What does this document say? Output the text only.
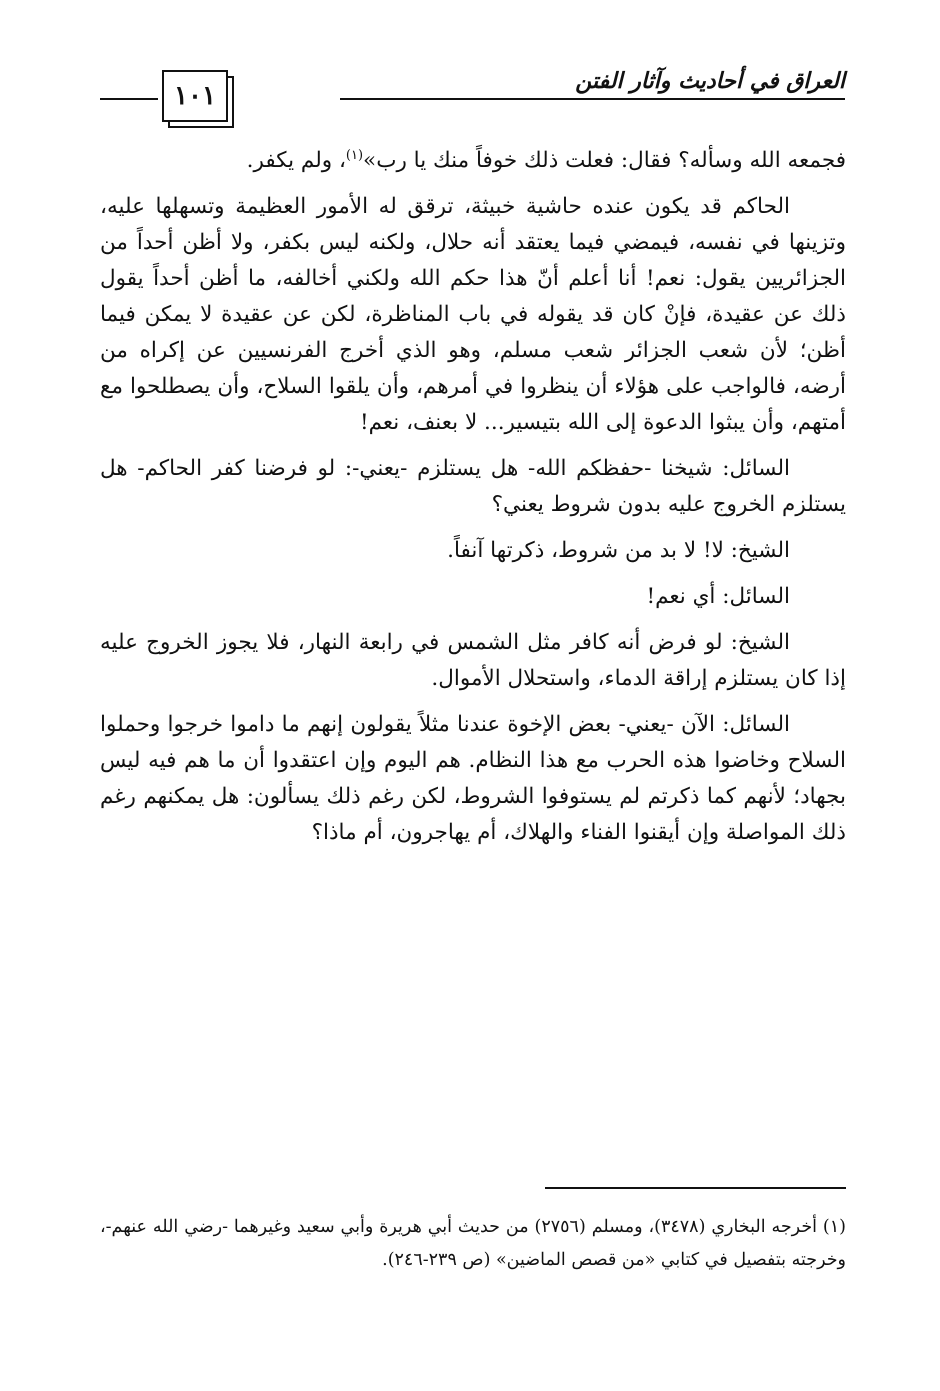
١٠١	العراق في أحاديث وآثار الفتن

فجمعه الله وسأله؟ فقال: فعلت ذلك خوفاً منك يا رب»$^{(١)}$، ولم يكفر.

الحاكم قد يكون عنده حاشية خبيثة، ترقق له الأمور العظيمة وتسهلها عليه، وتزينها في نفسه، فيمضي فيما يعتقد أنه حلال، ولكنه ليس بكفر، ولا أظن أحداً من الجزائريين يقول: نعم! أنا أعلم أنّ هذا حكم الله ولكني أخالفه، ما أظن أحداً يقول ذلك عن عقيدة، فإنْ كان قد يقوله في باب المناظرة، لكن عن عقيدة لا يمكن فيما أظن؛ لأن شعب الجزائر شعب مسلم، وهو الذي أخرج الفرنسيين عن إكراه من أرضه، فالواجب على هؤلاء أن ينظروا في أمرهم، وأن يلقوا السلاح، وأن يصطلحوا مع أمتهم، وأن يبثوا الدعوة إلى الله بتيسير... لا بعنف، نعم!

السائل: شيخنا -حفظكم الله- هل يستلزم -يعني-: لو فرضنا كفر الحاكم- هل يستلزم الخروج عليه بدون شروط يعني؟

الشيخ: لا! لا بد من شروط، ذكرتها آنفاً.

السائل: أي نعم!

الشيخ: لو فرض أنه كافر مثل الشمس في رابعة النهار، فلا يجوز الخروج عليه إذا كان يستلزم إراقة الدماء، واستحلال الأموال.

السائل: الآن -يعني- بعض الإخوة عندنا مثلاً يقولون إنهم ما داموا خرجوا وحملوا السلاح وخاضوا هذه الحرب مع هذا النظام. هم اليوم وإن اعتقدوا أن ما هم فيه ليس بجهاد؛ لأنهم كما ذكرتم لم يستوفوا الشروط، لكن رغم ذلك يسألون: هل يمكنهم رغم ذلك المواصلة وإن أيقنوا الفناء والهلاك، أم يهاجرون، أم ماذا؟

(١) أخرجه البخاري (٣٤٧٨)، ومسلم (٢٧٥٦) من حديث أبي هريرة وأبي سعيد وغيرهما -رضي الله عنهم-، وخرجته بتفصيل في كتابي «من قصص الماضين» (ص ٢٣٩-٢٤٦).
